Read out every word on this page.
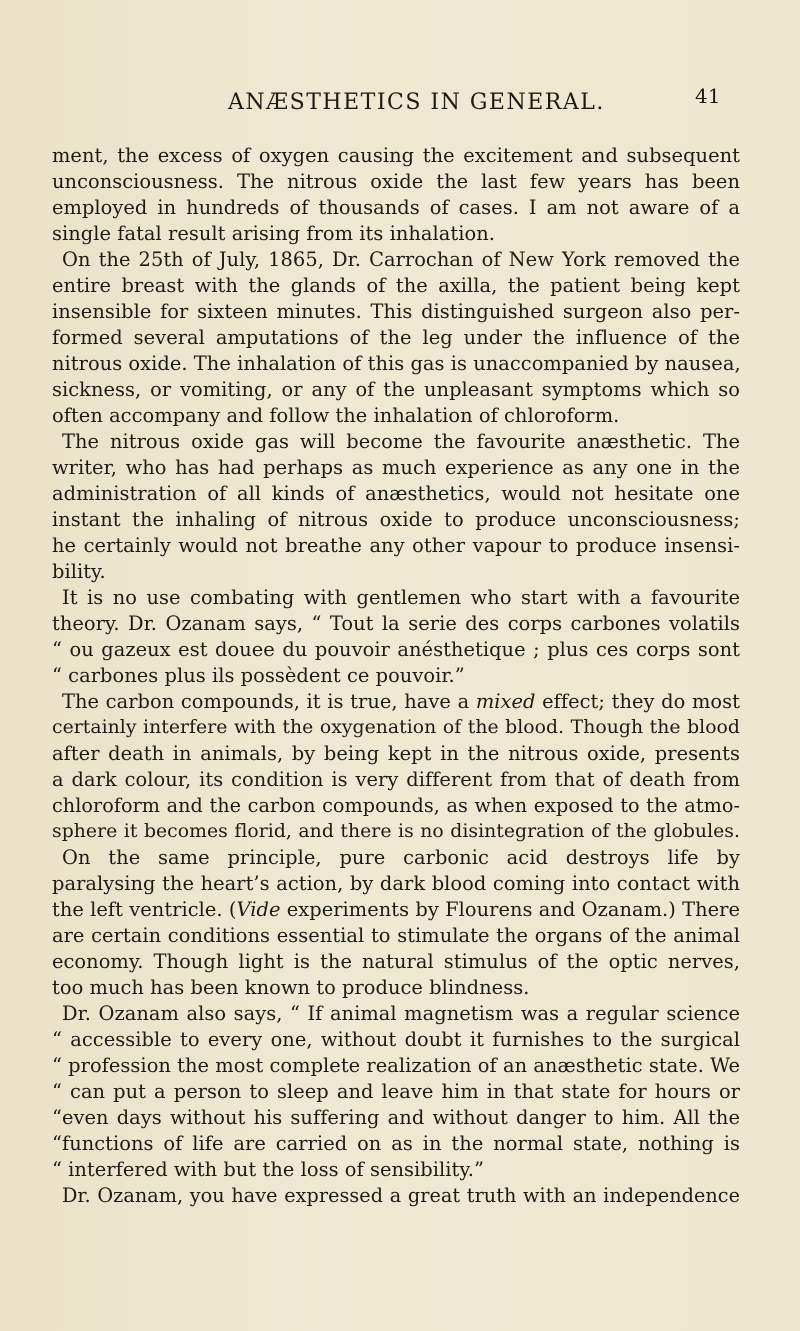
ANÆSTHETICS IN GENERAL.	41
ment, the excess of oxygen causing the excitement and subsequent
unconsciousness. The nitrous oxide the last few years has been
employed in hundreds of thousands of cases. I am not aware of a
single fatal result arising from its inhalation.
On the 25th of July, 1865, Dr. Carrochan of New York removed the
entire breast with the glands of the axilla, the patient being kept
insensible for sixteen minutes. This distinguished surgeon also per-
formed several amputations of the leg under the influence of the
nitrous oxide. The inhalation of this gas is unaccompanied by nausea,
sickness, or vomiting, or any of the unpleasant symptoms which so
often accompany and follow the inhalation of chloroform.
The nitrous oxide gas will become the favourite anæsthetic. The
writer, who has had perhaps as much experience as any one in the
administration of all kinds of anæsthetics, would not hesitate one
instant the inhaling of nitrous oxide to produce unconsciousness;
he certainly would not breathe any other vapour to produce insensi-
bility.
It is no use combating with gentlemen who start with a favourite
theory. Dr. Ozanam says, “ Tout la serie des corps carbones volatils
“ ou gazeux est douee du pouvoir anésthetique ; plus ces corps sont
“ carbones plus ils possèdent ce pouvoir.”
The carbon compounds, it is true, have a mixed effect; they do most
certainly interfere with the oxygenation of the blood. Though the blood
after death in animals, by being kept in the nitrous oxide, presents
a dark colour, its condition is very different from that of death from
chloroform and the carbon compounds, as when exposed to the atmo-
sphere it becomes florid, and there is no disintegration of the globules.
On the same principle, pure carbonic acid destroys life by
paralysing the heart’s action, by dark blood coming into contact with
the left ventricle. (Vide experiments by Flourens and Ozanam.) There
are certain conditions essential to stimulate the organs of the animal
economy. Though light is the natural stimulus of the optic nerves,
too much has been known to produce blindness.
Dr. Ozanam also says, “ If animal magnetism was a regular science
“ accessible to every one, without doubt it furnishes to the surgical
“ profession the most complete realization of an anæsthetic state. We
“ can put a person to sleep and leave him in that state for hours or
“even days without his suffering and without danger to him. All the
“functions of life are carried on as in the normal state, nothing is
“ interfered with but the loss of sensibility.”
Dr. Ozanam, you have expressed a great truth with an independence
